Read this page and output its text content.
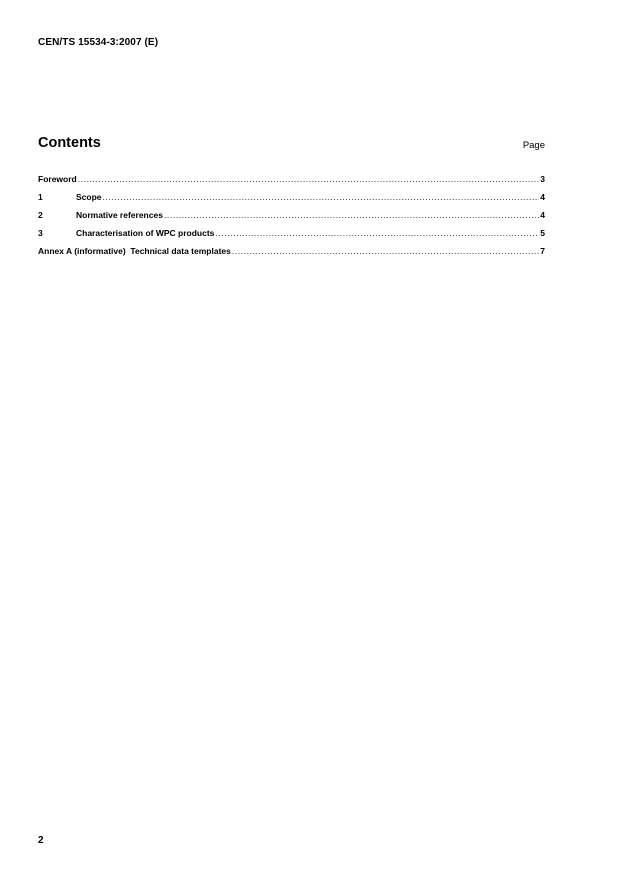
CEN/TS 15534-3:2007 (E)
Contents	Page
Foreword .....	3
1	Scope .....	4
2	Normative references .....	4
3	Characterisation of WPC products .....	5
Annex A (informative)  Technical data templates .....	7
2
